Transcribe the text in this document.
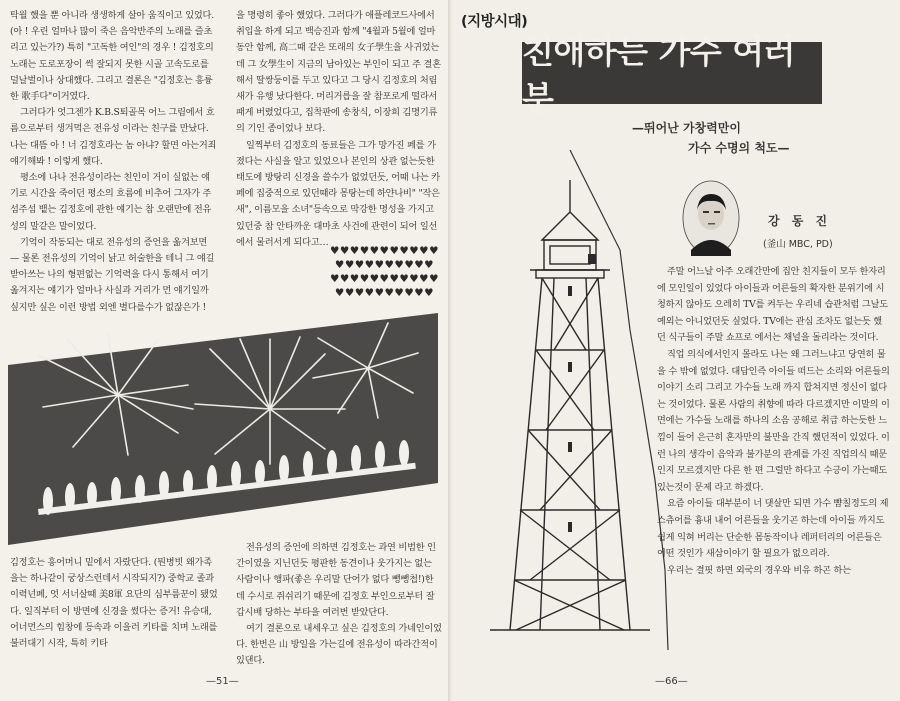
탁월 했을 뿐 아니라 생생하게 살아 움직이고 있었다. (아 ! 우린 얼마나 많이 죽은 음악반주의 노래를 즐초리고 있는가?) 특히 "고독한 여인"의 경우 ! 김정호의 노래는 도로포장이 썩 잘되지 못한 시골 고속도로를 덜날벌이나 상대했다. 그리고 결론은 "김정호는 흥륭한 歌手다"이거였다.

그러다가 엇그젠가 K.B.S퇴골목 어느 그림에서 흐름으로부터 생겨먹은 전유성 이라는 친구를 만났다. 나는 대뜸 아 ! 너 김정호라는 놈 아냐? 할면 아는거죄 얘기해봐 ! 이렇게 했다.

평소에 나나 전유성이라는 친인이 거이 실없는 얘기로 시간을 죽이던 평소의 흐름에 비추어 그자가 주섬주섬 뱉는 김정호에 관한 얘기는 참 오랜만에 전유성의 말같은 말이었다.

기억이 작동되는 대로 전유성의 증언을 옮겨보면 — 물론 전유성의 기억이 낡고 허술한을 테니 그 얘길 받아쓰는 나의 형편없는 기억력을 다시 통해서 여기 옮겨지는 얘기가 얼마나 사실과 거리가 먼 얘기일까 싶지만 싶은 이런 방법 외엔 별다를수가 없잖은가 !

을 명령히 좋아 했었다. 그러다가 애플레코드사에서 취입을 하게 되고 백승진과 함께 "4월과 5월에 얼마동안 함께, 高二때 같은 또래의 女子學生을 사귀었는데 그 女學生이 지금의 남아있는 부인이 되고 주 결혼해서 딸쌍둥이를 두고 있다고 그 당시 김정호의 처림새가 유행 났다한다. 머리거릅을 잘 참포로게 떨라서 패게 버렸었다고, 집착판에 송창식, 이장희 김명기류의 기인 종이었나 보다.

일찍부터 김정호의 동료들은 그가 망가진 페를 가졌다는 사실을 알고 있었으나 본인의 상관 없는듯한 태도에 방탕리 신경을 쓸수가 없었던듯, 어때 나는 카페에 집중적으로 있던때라 몽탕는데 하얀나비" "작은 새", 이름모을 소녀"등속으로 막강한 명성을 가지고 있던중 참 안타까운 대마초 사건에 관련이 되어 일선에서 물러서게 되다고…

♥♥♥♥♥♥♥♥♥♥♥
♥♥♥♥♥♥♥♥♥♥
♥♥♥♥♥♥♥♥♥♥♥
♥♥♥♥♥♥♥♥♥♥

김정호는 흥어머니 밑에서 자랐단다. (뭔병빗 왜가족을는 하나같이 궁상스런데서 시작되지?) 중학교 졸과 이력넌폐, 엇 서너살때 美8軍 요단의 심부름꾼이 됐었다. 일직부터 이 방면에 신경을 썼다는 증거! 유승대, 어너먼스의 힘창에 등속과 이을러 키타를 치며 노래를 불러대기 시작, 특히 키타

전유성의 증언에 의하면 김정호는 과연 비범한 인간이였을 지닌던듯 평판한 동견이나 웃가지는 없는 사람이나 행파(좋은 우리말 단어가 없다 뺑뺑첩!)한데 수시로 쥐쉬리기 때문에 김정호 부인으로부터 잘 갑시배 당하는 부타을 여러번 받았단다.

여기 결론으로 내세우고 싶은 김정호의 가네인이었다. 한번은 山 방일을 가는길에 전유성이 따라간적이 있댄다.

—51—
(지방시대)
친애하는 가수 여러분
—뛰어난 가창력만이
가수 수명의 척도—
강 동 진
(釜山 MBC, PD)

주말 어느날 아주 오래간만에 집안 친지들이 모두 한자리에 모인일이 있었다 아이들과 어른들의 확자한 분위기에 시청하지 않아도 으레히 TV를 켜두는 우리네 습관처럼 그날도 예외는 아니었던듯 싶었다. TV에는 관심 조차도 없는듯 했던 식구들이 주말 쇼프로 에서는 채널을 돌리라는 것이다.

직업 의식에서인지 몰라도 나는 왜 그러느냐고 당연히 물을 수 밖에 없었다. 대답인즉 아이들 떠드는 소리와 어른들의 이야기 소리 그리고 가수들 노래 까지 합쳐지면 정신이 없다는 것이었다. 물론 사람의 취향에 따라 다르겠지만 이말의 이면에는 가수들 노래를 하나의 소음 공해로 취급 하는듯한 느낌이 들어 은근히 혼자만의 불만을 간직 했던적이 있었다. 이런 나의 생각이 음악과 불가분의 관계를 가진 직업의식 때문인지 모르겠지만 다른 한 편 그럴만 하다고 수긍이 가는때도 있는것이 문제 라고 하겠다.

요즘 아이들 대부분이 너 댓살만 되면 가수 뺨칠정도의 제스츄어를 흉내 내어 어른들을 웃기곤 하는데 아이들 까지도 쉽게 익혀 버리는 단순한 몸동작이나 레퍼터리의 어른들은 어떤 것인가 새삼이야기 할 필요가 없으리라.

우리는 결핏 하면 외국의 경우와 비유 하곤 하는

—66—
